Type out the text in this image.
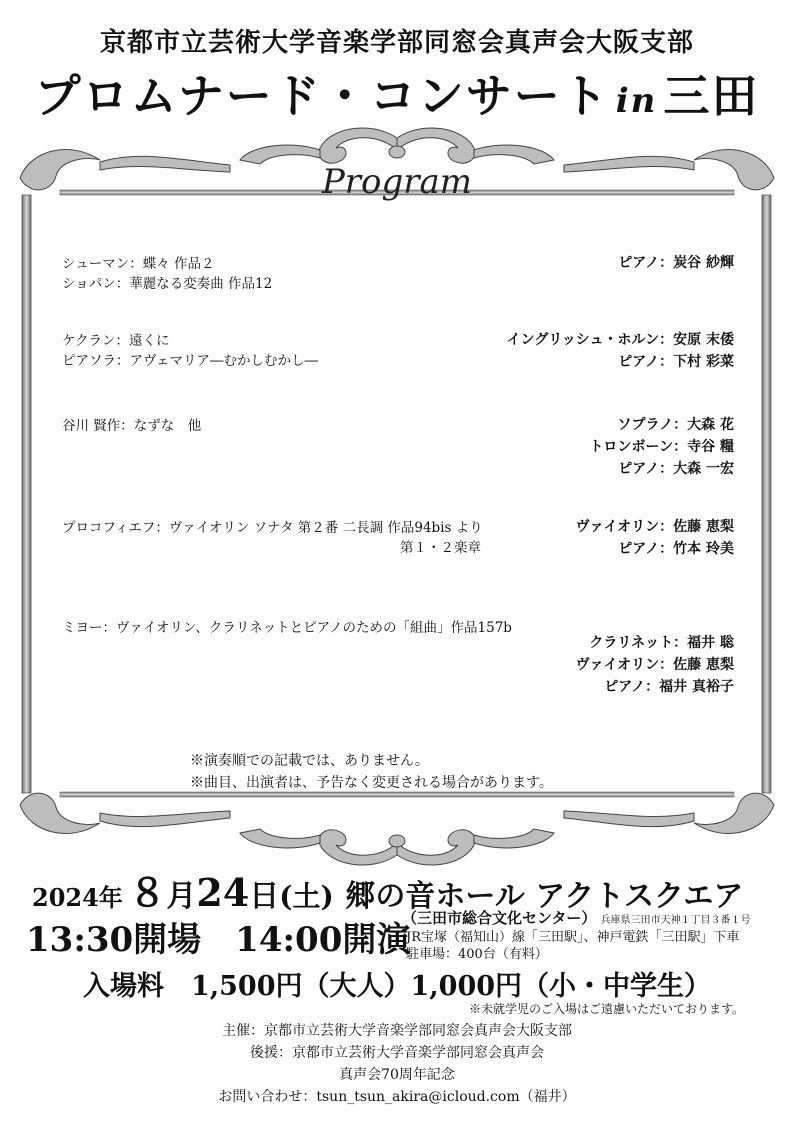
京都市立芸術大学音楽学部同窓会真声会大阪支部
プロムナード・コンサート in 三田
Program
シューマン：蝶々 作品２
ショパン：華麗なる変奏曲 作品12
ピアノ：炭谷 紗輝
ケクラン：遠くに
ピアソラ：アヴェマリア―むかしむかし―
イングリッシュ・ホルン：安原 末倭
ピアノ：下村 彩菜
谷川 賢作：なずな　他	ソプラノ：大森 花
トロンボーン：寺谷 糧
ピアノ：大森 一宏
プロコフィエフ：ヴァイオリン ソナタ 第２番 二長調 作品94bis より
第１・２楽章
ヴァイオリン：佐藤 恵梨
ピアノ：竹本 玲美
ミヨー：ヴァイオリン、クラリネットとピアノのための「組曲」作品157b
クラリネット：福井 聡
ヴァイオリン：佐藤 恵梨
ピアノ：福井 真裕子
※演奏順での記載では、ありません。
※曲目、出演者は、予告なく変更される場合があります。
2024年 ８月24日(土) 郷の音ホール アクトスクエア
13:30開場　14:00開演
（三田市総合文化センター） 兵庫県三田市天神１丁目３番１号
JR宝塚（福知山）線「三田駅」、神戸電鉄「三田駅」下車
駐車場：400台（有料）
入場料　1,500円（大人）1,000円（小・中学生）
※未就学児のご入場はご遠慮いただいております。
主催：京都市立芸術大学音楽学部同窓会真声会大阪支部
後援：京都市立芸術大学音楽学部同窓会真声会
真声会70周年記念
お問い合わせ：tsun_tsun_akira@icloud.com（福井）
